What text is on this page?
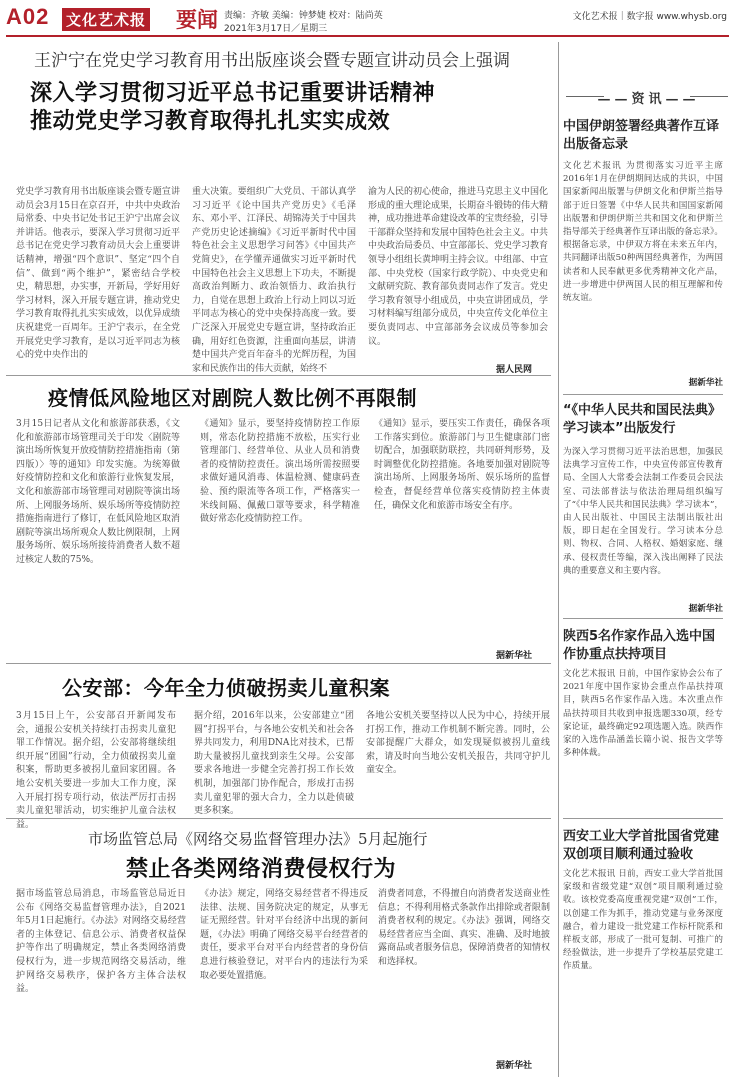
A02 文化艺术报 要闻 责编：齐敏 美编：钟梦婕 校对：陆尚英
2021年3月17日／星期三
文化艺术报｜数字报 www.whysb.org
王沪宁在党史学习教育用书出版座谈会暨专题宣讲动员会上强调
深入学习贯彻习近平总书记重要讲话精神
推动党史学习教育取得扎扎实实成效
党史学习教育用书出版座谈会暨专题宣讲动员会3月15日在京召开，中共中央政治局常委、中央书记处书记王沪宁出席会议并讲话。他表示，要深入学习贯彻习近平总书记在党史学习教育动员大会上重要讲话精神，增强“四个意识”、坚定“四个自信”、做到“两个维护”，紧密结合学校史，精思想，办实事，开新局，学好用好学习材料，深入开展专题宣讲，推动党史学习教育取得扎扎实实成效，以优异成绩庆祝建党一百周年。王沪宁表示，在全党开展党史学习教育，是以习近平同志为核心的党中央作出的
重大决策。要组织广大党员、干部认真学习习近平《论中国共产党历史》《毛泽东、邓小平、江泽民、胡锦涛关于中国共产党历史论述摘编》《习近平新时代中国特色社会主义思想学习问答》《中国共产党简史》，在学懂弄通做实习近平新时代中国特色社会主义思想上下功夫，不断提高政治判断力、政治领悟力、政治执行力，自觉在思想上政治上行动上同以习近平同志为核心的党中央保持高度一致。要广泛深入开展党史专题宣讲，坚持政治正确，用好红色资源，注重面向基层，讲清楚中国共产党百年奋斗的光辉历程，为国家和民族作出的伟大贡献，始终不
渝为人民的初心使命，推进马克思主义中国化形成的重大理论成果，长期奋斗锻铸的伟大精神，成功推进革命建设改革的宝贵经验，引导干部群众坚持和发展中国特色社会主义。中共中央政治局委员、中宣部部长、党史学习教育领导小组组长黄坤明主持会议。中组部、中宣部、中央党校（国家行政学院）、中央党史和文献研究院、教育部负责同志作了发言。党史学习教育领导小组成员，中央宣讲团成员，学习材料编写组部分成员，中央宣传文化单位主要负责同志、中宣部部务会议成员等参加会议。
据人民网
疫情低风险地区对剧院人数比例不再限制
3月15日记者从文化和旅游部获悉，《文化和旅游部市场管理司关于印发〈剧院等演出场所恢复开放疫情防控措施指南（第四版）〉等的通知》印发实施。为统筹做好疫情防控和文化和旅游行业恢复发展，文化和旅游部市场管理司对剧院等演出场所、上网服务场所、娱乐场所等疫情防控措施指南进行了修订，在低风险地区取消剧院等演出场所观众人数比例限制，上网服务场所、娱乐场所接待消费者人数不超过核定人数的75%。
《通知》显示，要坚持疫情防控工作原则，常态化防控措施不放松，压实行业管理部门、经营单位、从业人员和消费者的疫情防控责任。演出场所需按照要求做好通风消毒、体温检测、健康码查验、预约限流等各项工作，严格落实一米线间隔、佩戴口罩等要求，科学精准做好常态化疫情防控工作。
《通知》显示，要压实工作责任，确保各项工作落实到位。旅游部门与卫生健康部门密切配合，加强联防联控，共同研判形势，及时调整优化防控措施。各地要加强对剧院等演出场所、上网服务场所、娱乐场所的监督检查，督促经营单位落实疫情防控主体责任，确保文化和旅游市场安全有序。
据新华社
公安部：今年全力侦破拐卖儿童积案
3月15日上午，公安部召开新闻发布会，通报公安机关持续打击拐卖儿童犯罪工作情况。据介绍，公安部将继续组织开展“团圆”行动，全力侦破拐卖儿童积案，帮助更多被拐儿童回家团圆。各地公安机关要进一步加大工作力度，深入开展打拐专项行动，依法严厉打击拐卖儿童犯罪活动，切实维护儿童合法权益。
据介绍，2016年以来，公安部建立“团圆”打拐平台，与各地公安机关和社会各界共同发力，利用DNA比对技术，已帮助大量被拐儿童找到亲生父母。公安部要求各地进一步健全完善打拐工作长效机制，加强部门协作配合，形成打击拐卖儿童犯罪的强大合力，全力以赴侦破更多积案。
各地公安机关要坚持以人民为中心，持续开展打拐工作，推动工作机制不断完善。同时，公安部提醒广大群众，如发现疑似被拐儿童线索，请及时向当地公安机关报告，共同守护儿童安全。
市场监管总局《网络交易监督管理办法》5月起施行
禁止各类网络消费侵权行为
据市场监管总局消息，市场监管总局近日公布《网络交易监督管理办法》，自2021年5月1日起施行。《办法》对网络交易经营者的主体登记、信息公示、消费者权益保护等作出了明确规定，禁止各类网络消费侵权行为，进一步规范网络交易活动，维护网络交易秩序，保护各方主体合法权益。
《办法》规定，网络交易经营者不得违反法律、法规、国务院决定的规定，从事无证无照经营。针对平台经济中出现的新问题，《办法》明确了网络交易平台经营者的责任，要求平台对平台内经营者的身份信息进行核验登记，对平台内的违法行为采取必要处置措施。
消费者同意，不得擅自向消费者发送商业性信息；不得利用格式条款作出排除或者限制消费者权利的规定。《办法》强调，网络交易经营者应当全面、真实、准确、及时地披露商品或者服务信息，保障消费者的知情权和选择权。
据新华社
——资讯——
中国伊朗签署经典著作互译出版备忘录
文化艺术报讯 为贯彻落实习近平主席2016年1月在伊朗期间达成的共识，中国国家新闻出版署与伊朗文化和伊斯兰指导部于近日签署《中华人民共和国国家新闻出版署和伊朗伊斯兰共和国文化和伊斯兰指导部关于经典著作互译出版的备忘录》。根据备忘录，中伊双方将在未来五年内，共同翻译出版50种两国经典著作，为两国读者和人民奉献更多优秀精神文化产品，进一步增进中伊两国人民的相互理解和传统友谊。
据新华社
“《中华人民共和国民法典》学习读本”出版发行
为深入学习贯彻习近平法治思想，加强民法典学习宣传工作，中央宣传部宣传教育局、全国人大常委会法制工作委员会民法室、司法部普法与依法治理局组织编写了“《中华人民共和国民法典》学习读本”，由人民出版社、中国民主法制出版社出版，即日起在全国发行。学习读本分总则、物权、合同、人格权、婚姻家庭、继承、侵权责任等编，深入浅出阐释了民法典的重要意义和主要内容。
据新华社
陕西5名作家作品入选中国作协重点扶持项目
文化艺术报讯 日前，中国作家协会公布了2021年度中国作家协会重点作品扶持项目，陕西5名作家作品入选。本次重点作品扶持项目共收到申报选题330项，经专家论证，最终确定92项选题入选。陕西作家的入选作品涵盖长篇小说、报告文学等多种体裁。
西安工业大学首批国省党建双创项目顺利通过验收
文化艺术报讯 日前，西安工业大学首批国家级和省级党建“双创”项目顺利通过验收。该校党委高度重视党建“双创”工作，以创建工作为抓手，推动党建与业务深度融合，着力建设一批党建工作标杆院系和样板支部，形成了一批可复制、可推广的经验做法，进一步提升了学校基层党建工作质量。
